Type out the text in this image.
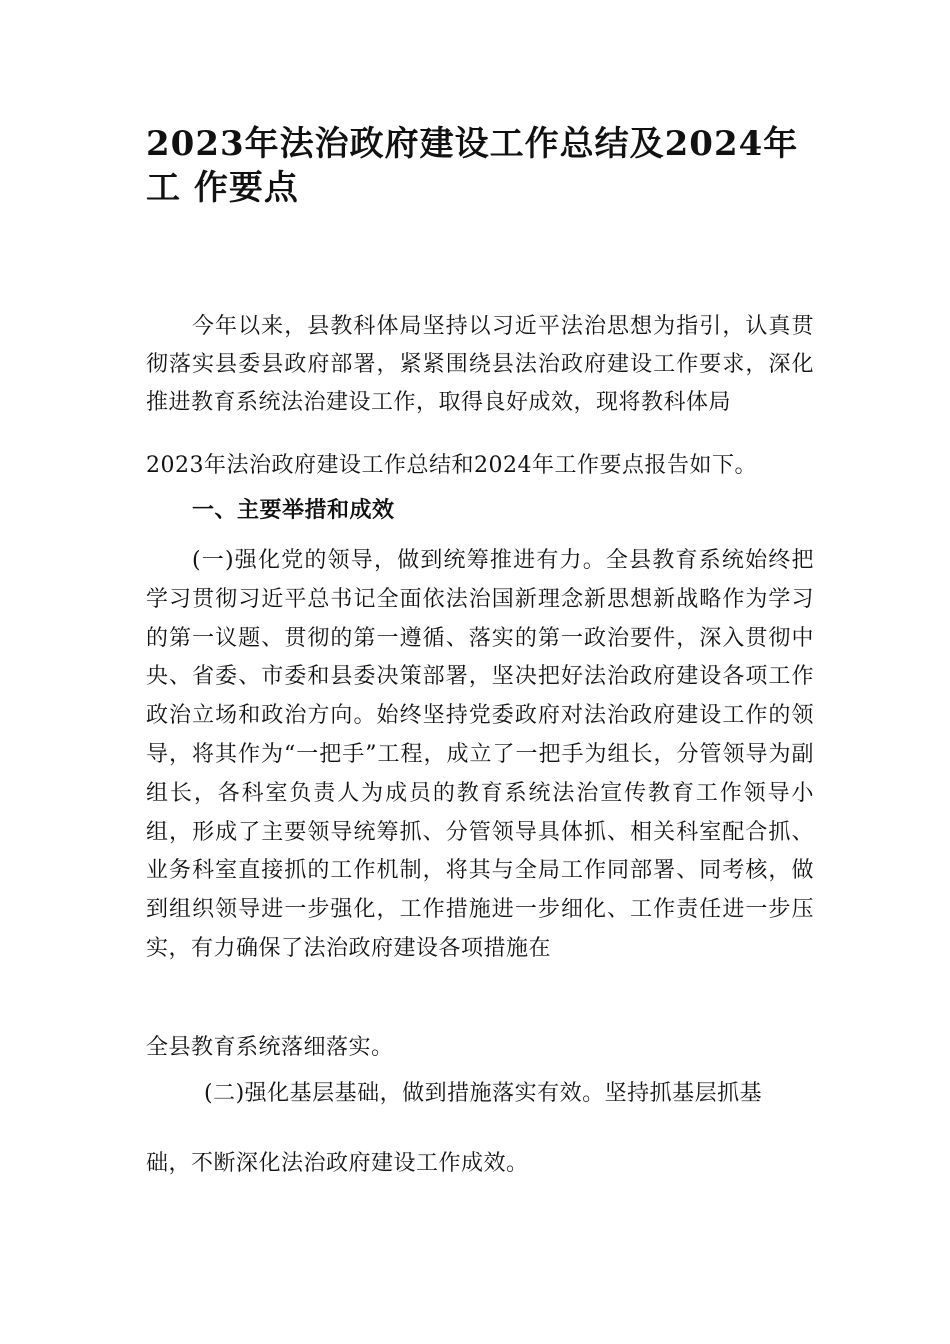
2023年法治政府建设工作总结及2024年工 作要点

今年以来，县教科体局坚持以习近平法治思想为指引，认真贯彻落实县委县政府部署，紧紧围绕县法治政府建设工作要求，深化推进教育系统法治建设工作，取得良好成效，现将教科体局

2023年法治政府建设工作总结和2024年工作要点报告如下。

一、主要举措和成效

(一)强化党的领导，做到统筹推进有力。全县教育系统始终把学习贯彻习近平总书记全面依法治国新理念新思想新战略作为学习的第一议题、贯彻的第一遵循、落实的第一政治要件，深入贯彻中央、省委、市委和县委决策部署，坚决把好法治政府建设各项工作政治立场和政治方向。始终坚持党委政府对法治政府建设工作的领导，将其作为“一把手”工程，成立了一把手为组长，分管领导为副组长，各科室负责人为成员的教育系统法治宣传教育工作领导小组，形成了主要领导统筹抓、分管领导具体抓、相关科室配合抓、业务科室直接抓的工作机制，将其与全局工作同部署、同考核，做到组织领导进一步强化，工作措施进一步细化、工作责任进一步压实，有力确保了法治政府建设各项措施在

全县教育系统落细落实。

(二)强化基层基础，做到措施落实有效。坚持抓基层抓基

础，不断深化法治政府建设工作成效。
